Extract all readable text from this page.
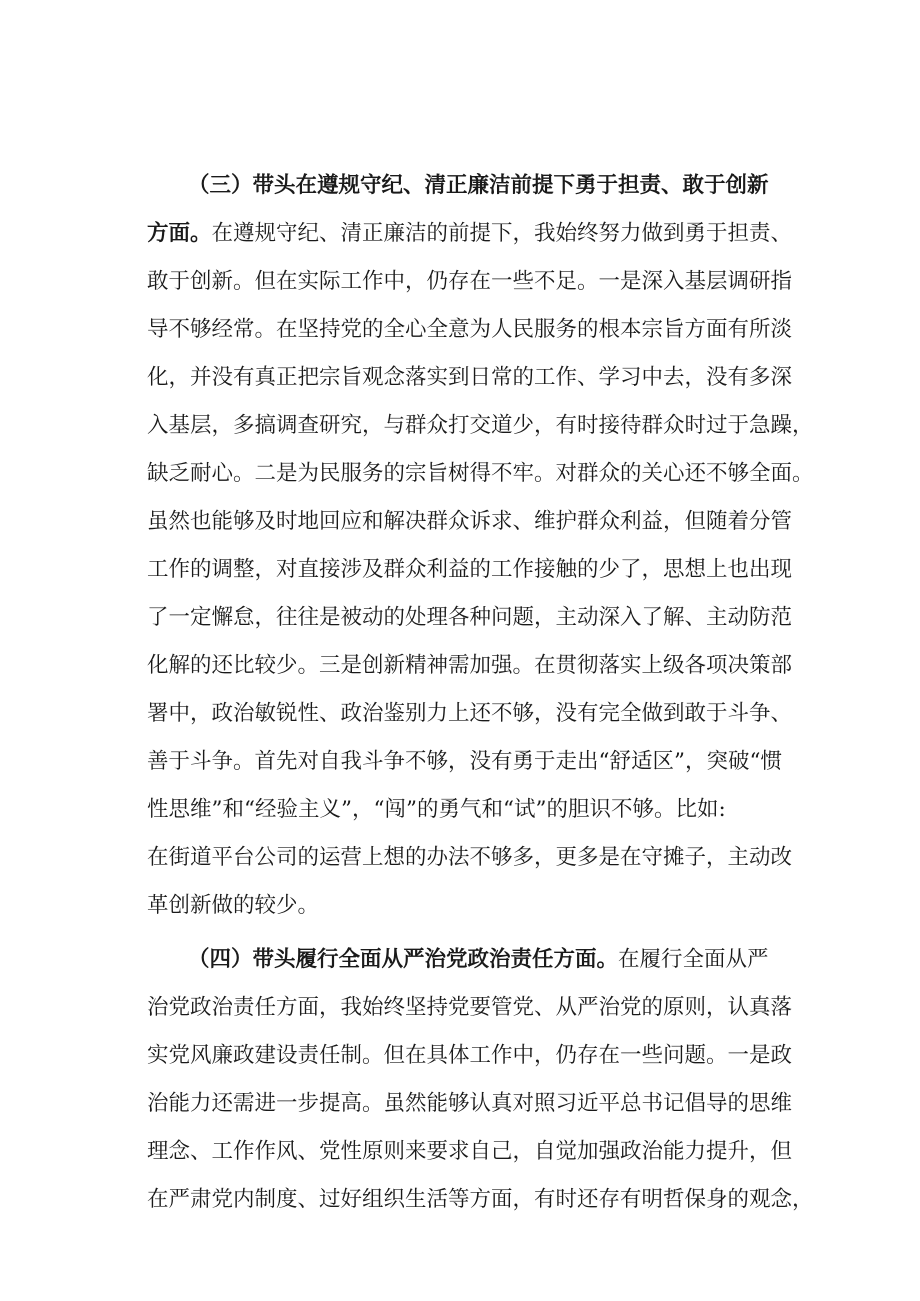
（三）带头在遵规守纪、清正廉洁前提下勇于担责、敢于创新
方面。在遵规守纪、清正廉洁的前提下，我始终努力做到勇于担责、
敢于创新。但在实际工作中，仍存在一些不足。一是深入基层调研指
导不够经常。在坚持党的全心全意为人民服务的根本宗旨方面有所淡
化，并没有真正把宗旨观念落实到日常的工作、学习中去，没有多深
入基层，多搞调查研究，与群众打交道少，有时接待群众时过于急躁，
缺乏耐心。二是为民服务的宗旨树得不牢。对群众的关心还不够全面。
虽然也能够及时地回应和解决群众诉求、维护群众利益，但随着分管
工作的调整，对直接涉及群众利益的工作接触的少了，思想上也出现
了一定懈怠，往往是被动的处理各种问题，主动深入了解、主动防范
化解的还比较少。三是创新精神需加强。在贯彻落实上级各项决策部
署中，政治敏锐性、政治鉴别力上还不够，没有完全做到敢于斗争、
善于斗争。首先对自我斗争不够，没有勇于走出“舒适区”，突破“惯
性思维”和“经验主义”，“闯”的勇气和“试”的胆识不够。比如:
在街道平台公司的运营上想的办法不够多，更多是在守摊子，主动改
革创新做的较少。
（四）带头履行全面从严治党政治责任方面。在履行全面从严
治党政治责任方面，我始终坚持党要管党、从严治党的原则，认真落
实党风廉政建设责任制。但在具体工作中，仍存在一些问题。一是政
治能力还需进一步提高。虽然能够认真对照习近平总书记倡导的思维
理念、工作作风、党性原则来要求自己，自觉加强政治能力提升，但
在严肃党内制度、过好组织生活等方面，有时还存有明哲保身的观念，
